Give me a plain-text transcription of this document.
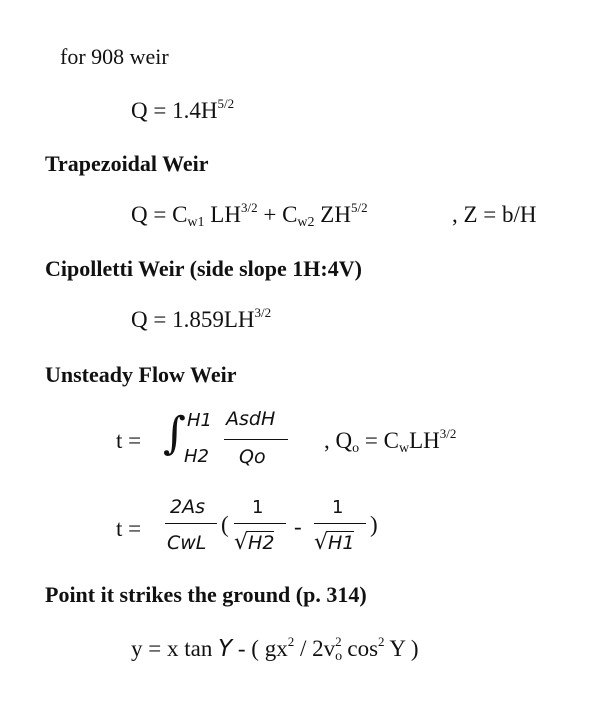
for 908 weir
$Q = 1.4H^{5/2}$
Trapezoidal Weir
$Q = C_{w1}$ $LH^{3/2} + C_{w2}$ $ZH^{5/2}$	, Z = b/H
Cipolletti Weir (side slope 1H:4V)
$Q = 1.859LH^{3/2}$
Unsteady Flow Weir
t = ∫ H1
H2
AsdH
Qo
, $Q_o = C_wLH^{3/2}$
t =
2As
CwL
(
1
√H2
-
1
√H1
)
Point it strikes the ground (p. 314)
y = x tan Y - ( $gx^2 / 2v_o^2$ $\cos^2 Y$ )
